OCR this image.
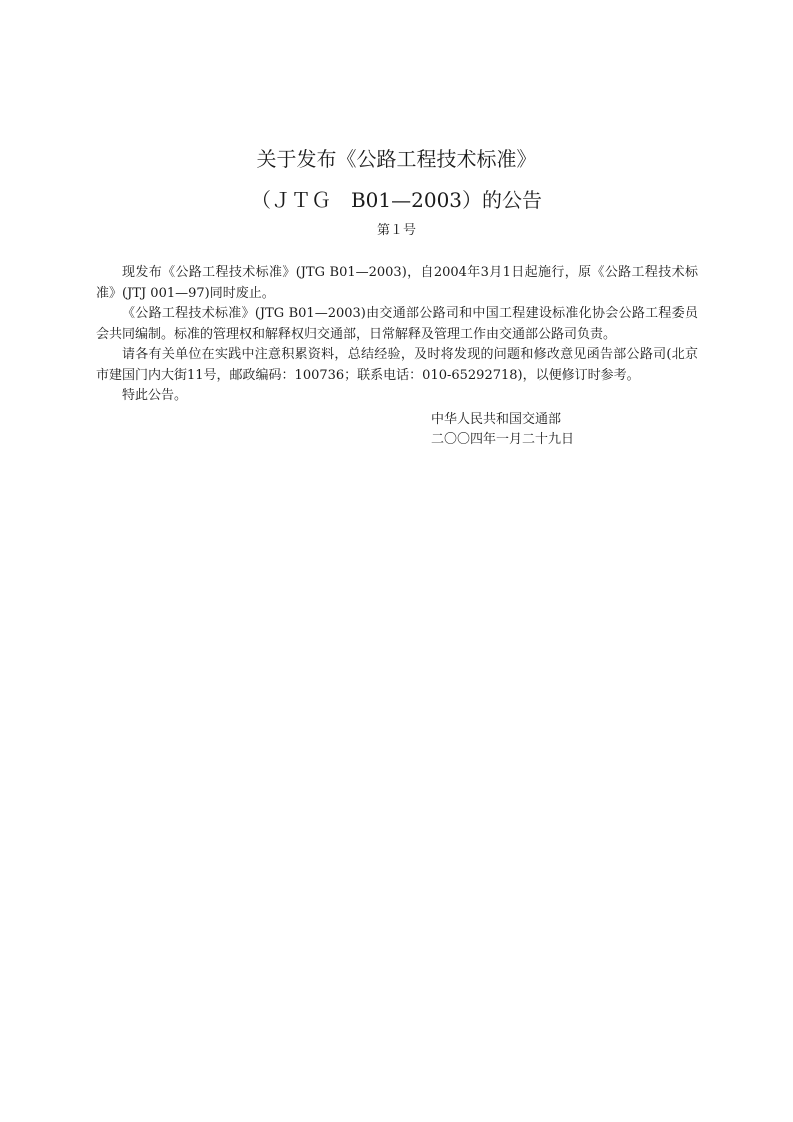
关于发布《公路工程技术标准》
（ＪＴＧ　B01—2003）的公告
第１号

现发布《公路工程技术标准》(JTG B01—2003)，自2004年3月1日起施行，原《公路工程技术标准》(JTJ 001—97)同时废止。

《公路工程技术标准》(JTG B01—2003)由交通部公路司和中国工程建设标准化协会公路工程委员会共同编制。标准的管理权和解释权归交通部，日常解释及管理工作由交通部公路司负责。

请各有关单位在实践中注意积累资料，总结经验，及时将发现的问题和修改意见函告部公路司(北京市建国门内大街11号，邮政编码：100736；联系电话：010-65292718)，以便修订时参考。

特此公告。

中华人民共和国交通部
二〇〇四年一月二十九日
